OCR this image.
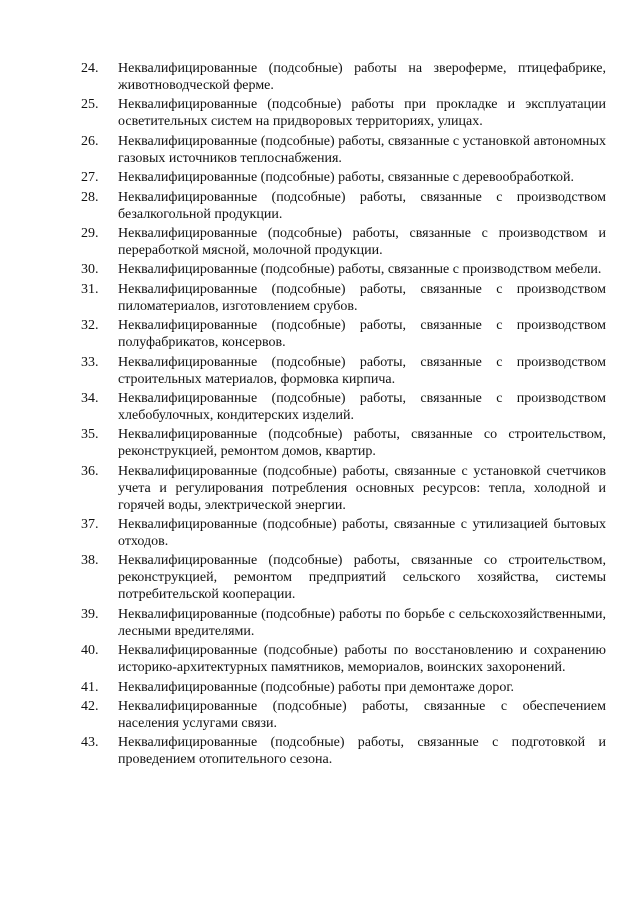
24.	Неквалифицированные (подсобные) работы на звероферме, птицефабрике, животноводческой ферме.
25.	Неквалифицированные (подсобные) работы при прокладке и эксплуатации осветительных систем на придворовых территориях, улицах.
26.	Неквалифицированные (подсобные) работы, связанные с установкой автономных газовых источников теплоснабжения.
27.	Неквалифицированные (подсобные) работы, связанные с деревообработкой.
28.	Неквалифицированные (подсобные) работы, связанные с производством безалкогольной продукции.
29.	Неквалифицированные (подсобные) работы, связанные с производством и переработкой мясной, молочной продукции.
30.	Неквалифицированные (подсобные) работы, связанные с производством мебели.
31.	Неквалифицированные (подсобные) работы, связанные с производством пиломатериалов, изготовлением срубов.
32.	Неквалифицированные (подсобные) работы, связанные с производством полуфабрикатов, консервов.
33.	Неквалифицированные (подсобные) работы, связанные с производством строительных материалов, формовка кирпича.
34.	Неквалифицированные (подсобные) работы, связанные с производством хлебобулочных, кондитерских изделий.
35.	Неквалифицированные (подсобные) работы, связанные со строительством, реконструкцией, ремонтом домов, квартир.
36.	Неквалифицированные (подсобные) работы, связанные с установкой счетчиков учета и регулирования потребления основных ресурсов: тепла, холодной и горячей воды, электрической энергии.
37.	Неквалифицированные (подсобные) работы, связанные с утилизацией бытовых отходов.
38.	Неквалифицированные (подсобные) работы, связанные со строительством, реконструкцией, ремонтом предприятий сельского хозяйства, системы потребительской кооперации.
39.	Неквалифицированные (подсобные) работы по борьбе с сельскохозяйственными, лесными вредителями.
40.	Неквалифицированные (подсобные) работы по восстановлению и сохранению историко-архитектурных памятников, мемориалов, воинских захоронений.
41.	Неквалифицированные (подсобные) работы при демонтаже дорог.
42.	Неквалифицированные (подсобные) работы, связанные с обеспечением населения услугами связи.
43.	Неквалифицированные (подсобные) работы, связанные с подготовкой и проведением отопительного сезона.
